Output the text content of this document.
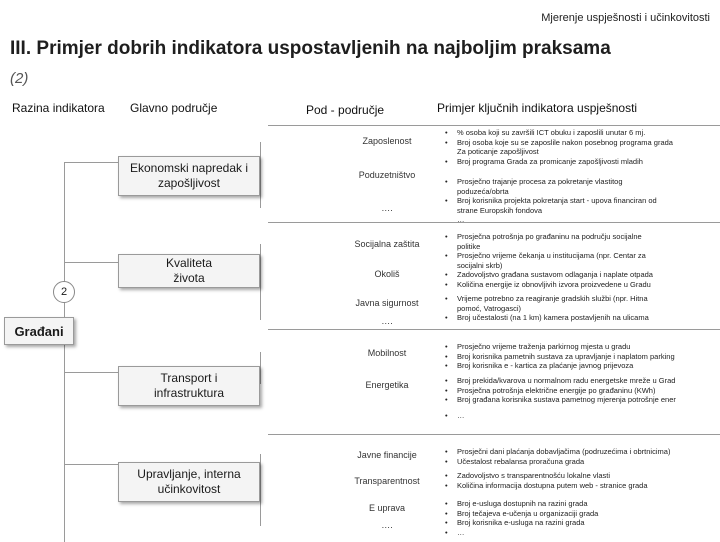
Mjerenje uspješnosti i učinkovitosti
III. Primjer dobrih indikatora uspostavljenih na najboljim praksama
(2)
Razina indikatora Glavno područje	Pod - područje	Primjer ključnih indikatora uspješnosti
2
Građani
Ekonomski napredak i zapošljivost
Kvaliteta života
Transport i infrastruktura
Upravljanje, interna učinkovitost
Zaposlenost
Poduzetništvo
….
Socijalna zaštita
Okoliš
Javna sigurnost
….
Mobilnost
Energetika
Javne financije
Transparentnost
E uprava
….
• % osoba koji su završili ICT obuku i zaposlili unutar 6 mj.
• Broj osoba koje su se zaposlile nakon posebnog programa grada
Za poticanje zapošljivost
• Broj programa Grada za promicanje zapošljivosti mladih
• Prosječno trajanje procesa za pokretanje vlastitog
poduzeća/obrta
• Broj korisnika projekta pokretanja start - upova financiran od
strane Europskih fondova
…
• Prosječna potrošnja po građaninu na području socijalne
politike
• Prosječno vrijeme čekanja u institucijama (npr. Centar za
socijalni skrb)
• Zadovoljstvo građana sustavom odlaganja i naplate otpada
• Količina energije iz obnovljivih izvora proizvedene u Gradu
• Vrijeme potrebno za reagiranje gradskih službi (npr. Hitna
pomoć, Vatrogasci)
• Broj učestalosti (na 1 km) kamera postavljenih na ulicama
• Prosječno vrijeme traženja parkirnog mjesta u gradu
• Broj korisnika pametnih sustava za upravljanje i naplatom parking
• Broj korisnika e - kartica za plaćanje javnog prijevoza
• Broj prekida/kvarova u normalnom radu energetske mreže u Grad
• Prosječna potrošnja električne energije po građaninu (KWh)
• Broj građana korisnika sustava pametnog mjerenja potrošnje ener
• …
• Prosječni dani plaćanja dobavljačima (podruzećima i obrtnicima)
• Učestalost rebalansa proračuna grada
• Zadovoljstvo s transparentnošću lokalne vlasti
• Količina informacija dostupna putem web - stranice grada
• Broj e-usluga dostupnih na razini grada
• Broj tečajeva e-učenja u organizaciji grada
• Broj korisnika e-usluga na razini grada
• …
